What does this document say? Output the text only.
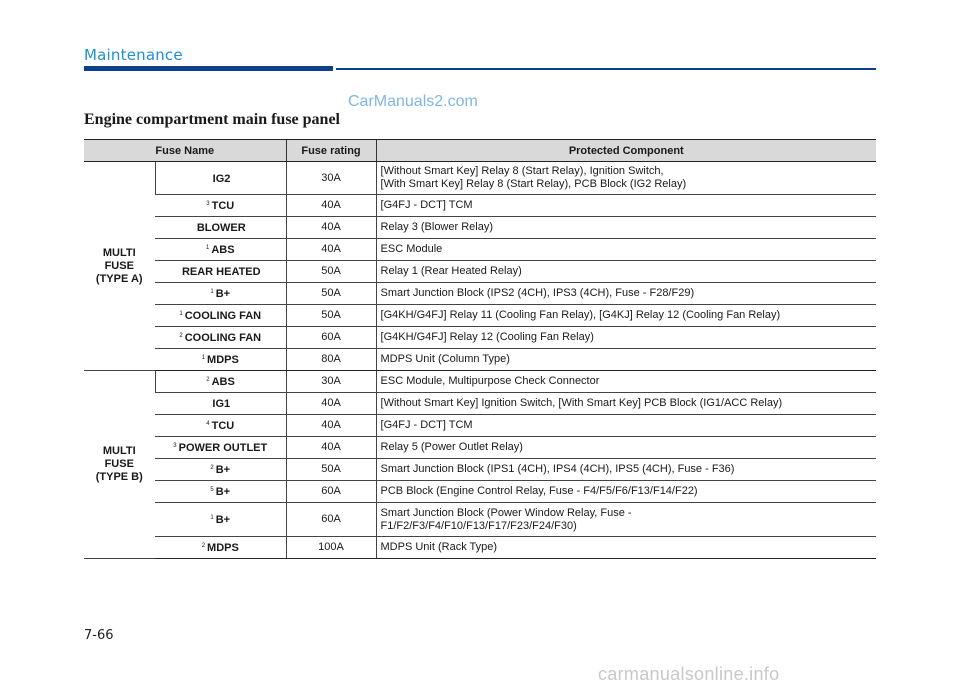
Maintenance
CarManuals2.com
Engine compartment main fuse panel
Fuse Name		Fuse rating	Protected Component
MULTI
FUSE
(TYPE A)	IG2	30A	[Without Smart Key] Relay 8 (Start Relay), Ignition Switch,
[With Smart Key] Relay 8 (Start Relay), PCB Block (IG2 Relay)
	$^3$ TCU	40A	[G4FJ - DCT] TCM
	BLOWER	40A	Relay 3 (Blower Relay)
	$^1$ ABS	40A	ESC Module
	REAR HEATED	50A	Relay 1 (Rear Heated Relay)
	$^1$ B+	50A	Smart Junction Block (IPS2 (4CH), IPS3 (4CH), Fuse - F28/F29)
	$^1$ COOLING FAN	50A	[G4KH/G4FJ] Relay 11 (Cooling Fan Relay), [G4KJ] Relay 12 (Cooling Fan Relay)
	$^2$ COOLING FAN	60A	[G4KH/G4FJ] Relay 12 (Cooling Fan Relay)
	$^1$ MDPS	80A	MDPS Unit (Column Type)
MULTI
FUSE
(TYPE B)	$^2$ ABS	30A	ESC Module, Multipurpose Check Connector
	IG1	40A	[Without Smart Key] Ignition Switch, [With Smart Key] PCB Block (IG1/ACC Relay)
	$^4$ TCU	40A	[G4FJ - DCT] TCM
	$^3$ POWER OUTLET	40A	Relay 5 (Power Outlet Relay)
	$^2$ B+	50A	Smart Junction Block (IPS1 (4CH), IPS4 (4CH), IPS5 (4CH), Fuse - F36)
	$^5$ B+	60A	PCB Block (Engine Control Relay, Fuse - F4/F5/F6/F13/F14/F22)
	$^1$ B+	60A	Smart Junction Block (Power Window Relay, Fuse -
F1/F2/F3/F4/F10/F13/F17/F23/F24/F30)
	$^2$ MDPS	100A	MDPS Unit (Rack Type)
7-66
carmanualsonline.info
